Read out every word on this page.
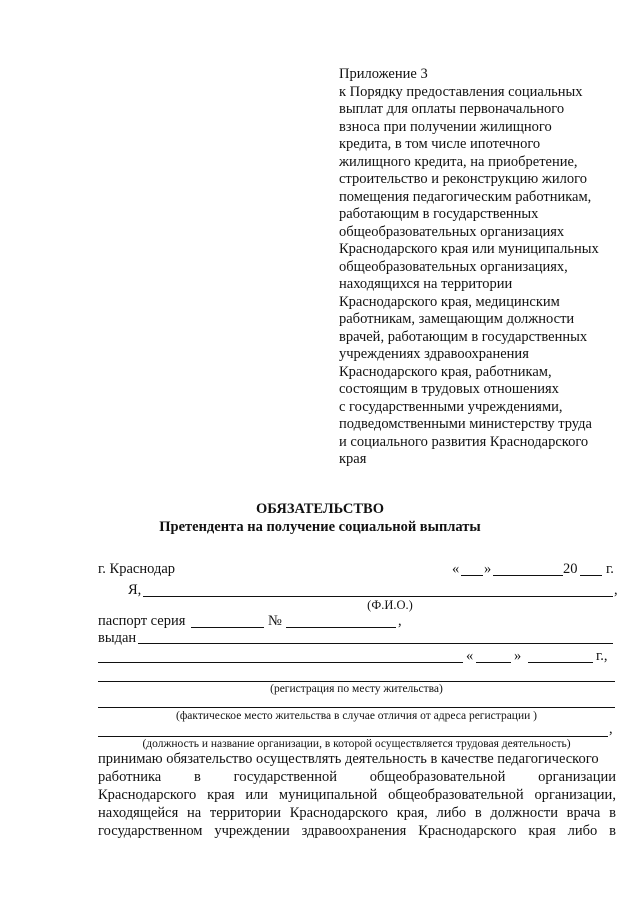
Приложение 3
к Порядку предоставления социальных
выплат для оплаты первоначального
взноса при получении жилищного
кредита, в том числе ипотечного
жилищного кредита, на приобретение,
строительство и реконструкцию жилого
помещения педагогическим работникам,
работающим в государственных
общеобразовательных организациях
Краснодарского края или муниципальных
общеобразовательных организациях,
находящихся на территории
Краснодарского края, медицинским
работникам, замещающим должности
врачей, работающим в государственных
учреждениях здравоохранения
Краснодарского края, работникам,
состоящим в трудовых отношениях
с государственными учреждениями,
подведомственными министерству труда
и социального развития Краснодарского
края
ОБЯЗАТЕЛЬСТВО
Претендента на получение социальной выплаты
г. Краснодар	« »	20 г.
Я,	,
(Ф.И.О.)
паспорт серия	№	,
выдан
«	»	г.,
(регистрация по месту жительства)
(фактическое место жительства в случае отличия от адреса регистрации )
,
(должность и название организации, в которой осуществляется трудовая деятельность)
принимаю обязательство осуществлять деятельность в качестве педагогического
работника в государственной общеобразовательной организации
Краснодарского края или муниципальной общеобразовательной организации,
находящейся на территории Краснодарского края, либо в должности врача в
государственном учреждении здравоохранения Краснодарского края либо в
